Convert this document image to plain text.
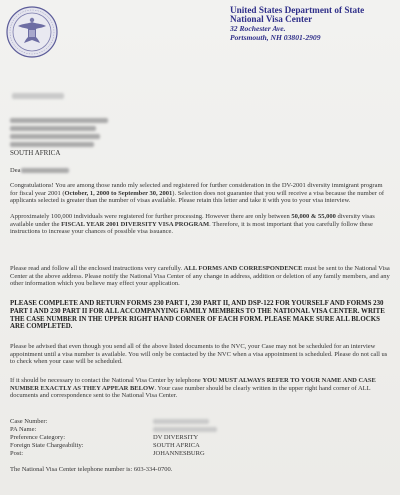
United States Department of State
National Visa Center
32 Rochester Ave.
Portsmouth, NH 03801-2909
SOUTH AFRICA
Dea

Congratulations! You are among those rando mly selected and registered for further consideration in the DV-2001 diversity immigrant program for fiscal year 2001 (October, 1, 2000 to September 30, 2001). Selection does not guarantee that you will receive a visa because the number of applicants selected is greater than the number of visas available. Please retain this letter and take it with you to your visa interview.

Approximately 100,000 individuals were registered for further processing. However there are only between 50,000 & 55,000 diversity visas available under the FISCAL YEAR 2001 DIVERSITY VISA PROGRAM. Therefore, it is most important that you carefully follow these instructions to increase your chances of possible visa issuance.

Please read and follow all the enclosed instructions very carefully. ALL FORMS AND CORRESPONDENCE must be sent to the National Visa Center at the above address. Please notify the National Visa Center of any change in address, addition or deletion of any family members, and any other information which you believe may effect your application.

PLEASE COMPLETE AND RETURN FORMS 230 PART I, 230 PART II, AND DSP-122 FOR YOURSELF AND FORMS 230 PART I AND 230 PART II FOR ALL ACCOMPANYING FAMILY MEMBERS TO THE NATIONAL VISA CENTER. WRITE THE CASE NUMBER IN THE UPPER RIGHT HAND CORNER OF EACH FORM. PLEASE MAKE SURE ALL BLOCKS ARE COMPLETED.

Please be advised that even though you send all of the above listed documents to the NVC, your Case may not be scheduled for an interview appointment until a visa number is available. You will only be contacted by the NVC when a visa appointment is scheduled. Please do not call us to check when your case will be scheduled.

If it should be necessary to contact the National Visa Center by telephone YOU MUST ALWAYS REFER TO YOUR NAME AND CASE NUMBER EXACTLY AS THEY APPEAR BELOW. Your case number should be clearly written in the upper right hand corner of ALL documents and correspondence sent to the National Visa Center.

Case Number:
PA Name:
Preference Category:	DV DIVERSITY
Foreign State Chargeability:	SOUTH AFRICA
Post:	JOHANNESBURG

The National Visa Center telephone number is: 603-334-0700.
